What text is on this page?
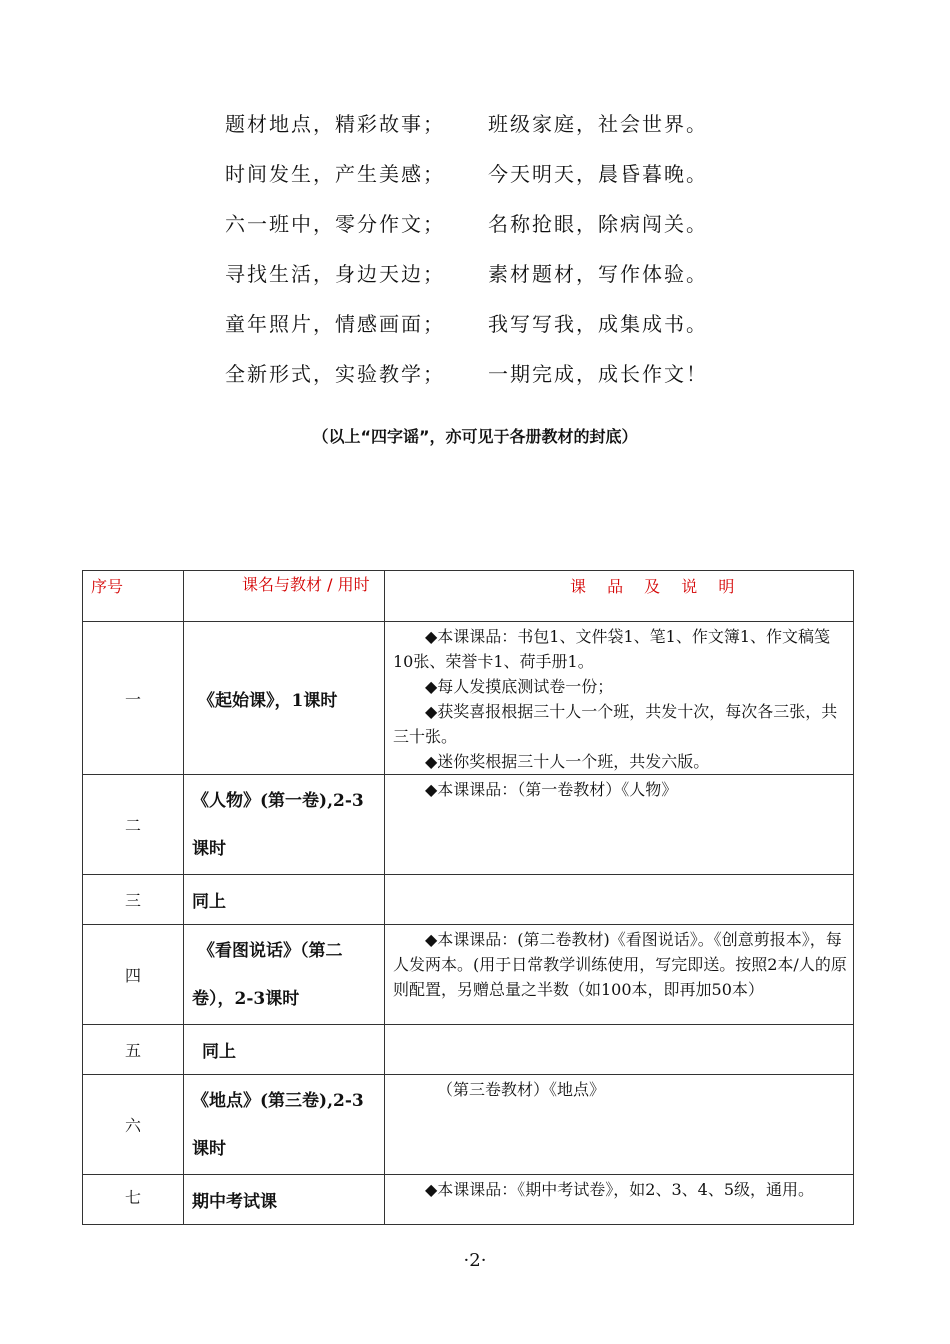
题材地点，精彩故事；	班级家庭，社会世界。
时间发生，产生美感；	今天明天，晨昏暮晚。
六一班中，零分作文；	名称抢眼，除病闯关。
寻找生活，身边天边；	素材题材，写作体验。
童年照片，情感画面；	我写写我，成集成书。
全新形式，实验教学；	一期完成，成长作文！
（以上“四字谣”，亦可见于各册教材的封底）
序号	课名与教材 / 用时	课 品 及 说 明

一	《起始课》，1课时	◆本课课品：书包1、文件袋1、笔1、作文簿1、作文稿笺10张、荣誉卡1、荷手册1。

◆每人发摸底测试卷一份；

◆获奖喜报根据三十人一个班，共发十次，每次各三张，共三十张。

◆迷你奖根据三十人一个班，共发六版。

二	《人物》(第一卷),2-3课时	◆本课课品：（第一卷教材）《人物》

三	同上	
四	《看图说话》（第二卷），2-3课时	◆本课课品：(第二卷教材)《看图说话》。《创意剪报本》，每人发两本。(用于日常教学训练使用，写完即送。按照2本/人的原则配置，另赠总量之半数（如100本，即再加50本）

五	同上	
六	《地点》(第三卷),2-3课时	（第三卷教材）《地点》

七	期中考试课	◆本课课品：《期中考试卷》，如2、3、4、5级，通用。

·2·
